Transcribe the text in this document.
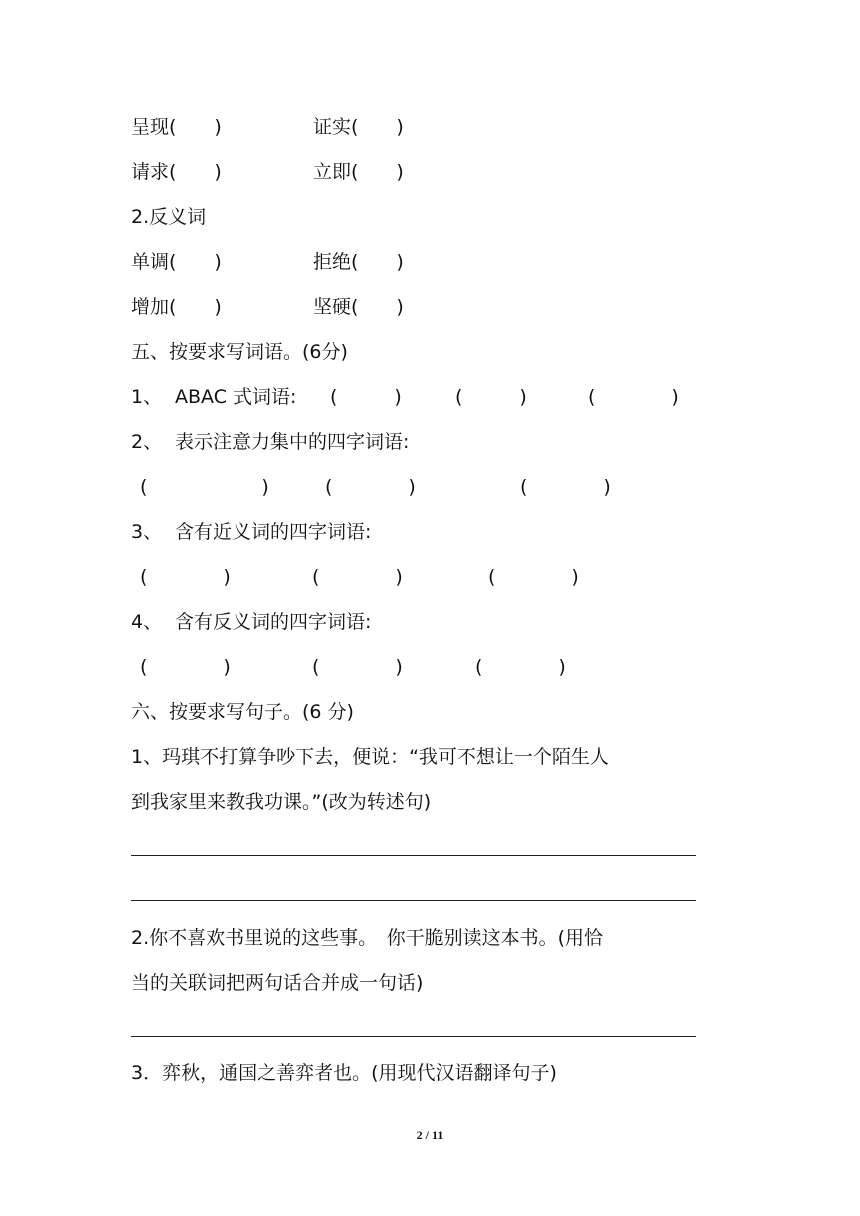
呈现(　　)	证实(　　)
请求(　　)	立即(　　)
2.反义词
单调(　　)	拒绝(　　)
增加(　　)	坚硬(　　)
五、按要求写词语。(6分)
1、 ABAC 式词语: (　　　)	(　　　)	(　　　　)
2、 表示注意力集中的四字词语:
(　　　　　　)	(　　　　)	(　　　　)
3、 含有近义词的四字词语:
(　　　　)	(　　　　)	(　　　　)
4、 含有反义词的四字词语:
(　　　　)	(　　　　)	(　　　　)
六、按要求写句子。(6 分)
1、玛琪不打算争吵下去，便说：“我可不想让一个陌生人
到我家里来教我功课。”(改为转述句)
2.你不喜欢书里说的这些事。　你干脆别读这本书。(用恰
当的关联词把两句话合并成一句话)
3．弈秋，通国之善弈者也。(用现代汉语翻译句子)
2 / 11
